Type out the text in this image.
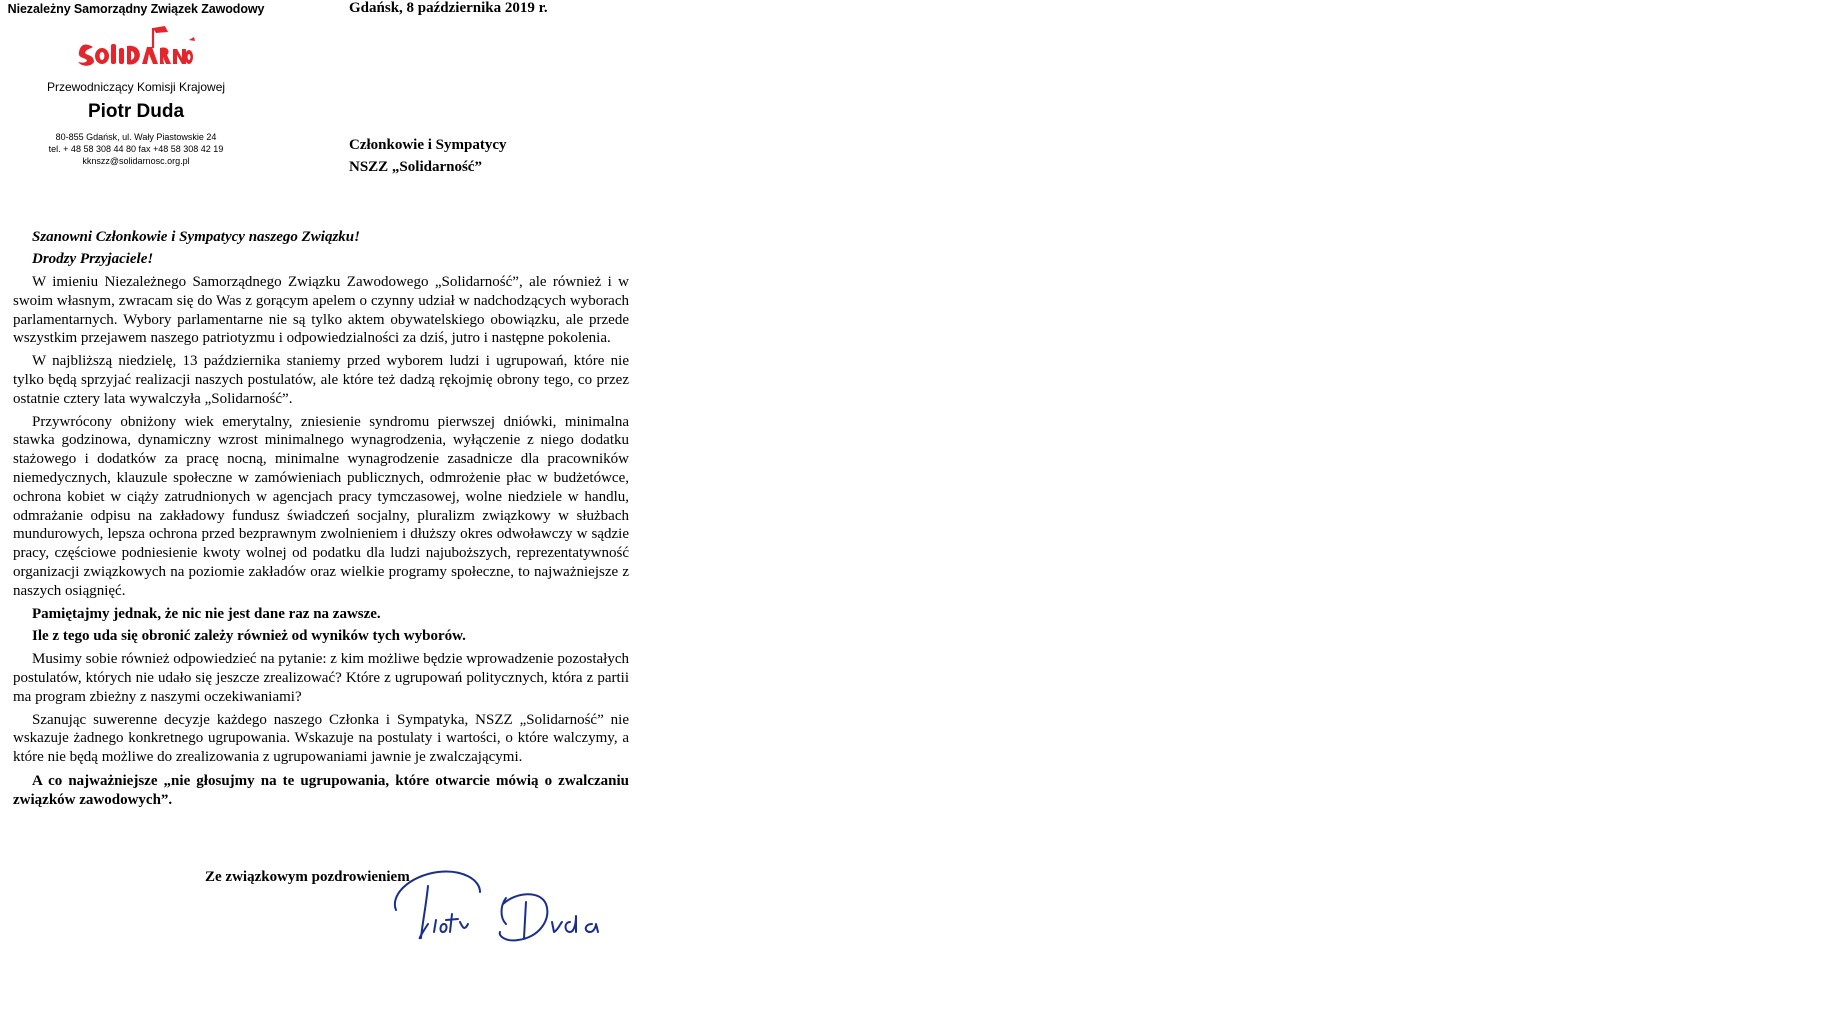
Niezależny Samorządny Związek Zawodowy
Przewodniczący Komisji Krajowej
Piotr Duda
80-855 Gdańsk, ul. Wały Piastowskie 24
tel. + 48 58 308 44 80 fax +48 58 308 42 19
kknszz@solidarnosc.org.pl
Gdańsk, 8 października 2019 r.
Członkowie i Sympatycy
NSZZ „Solidarność”
Szanowni Członkowie i Sympatycy naszego Związku!
Drodzy Przyjaciele!

W imieniu Niezależnego Samorządnego Związku Zawodowego „Solidarność”, ale również i w swoim własnym, zwracam się do Was z gorącym apelem o czynny udział w nadchodzących wyborach parlamentarnych. Wybory parlamentarne nie są tylko aktem obywatelskiego obowiązku, ale przede wszystkim przejawem naszego patriotyzmu i odpowiedzialności za dziś, jutro i następne pokolenia.

W najbliższą niedzielę, 13 października staniemy przed wyborem ludzi i ugrupowań, które nie tylko będą sprzyjać realizacji naszych postulatów, ale które też dadzą rękojmię obrony tego, co przez ostatnie cztery lata wywalczyła „Solidarność”.

Przywrócony obniżony wiek emerytalny, zniesienie syndromu pierwszej dniówki, minimalna stawka godzinowa, dynamiczny wzrost minimalnego wynagrodzenia, wyłączenie z niego dodatku stażowego i dodatków za pracę nocną, minimalne wynagrodzenie zasadnicze dla pracowników niemedycznych, klauzule społeczne w zamówieniach publicznych, odmrożenie płac w budżetówce, ochrona kobiet w ciąży zatrudnionych w agencjach pracy tymczasowej, wolne niedziele w handlu, odmrażanie odpisu na zakładowy fundusz świadczeń socjalny, pluralizm związkowy w służbach mundurowych, lepsza ochrona przed bezprawnym zwolnieniem i dłuższy okres odwoławczy w sądzie pracy, częściowe podniesienie kwoty wolnej od podatku dla ludzi najuboższych, reprezentatywność organizacji związkowych na poziomie zakładów oraz wielkie programy społeczne, to najważniejsze z naszych osiągnięć.

Pamiętajmy jednak, że nic nie jest dane raz na zawsze.

Ile z tego uda się obronić zależy również od wyników tych wyborów.

Musimy sobie również odpowiedzieć na pytanie: z kim możliwe będzie wprowadzenie pozostałych postulatów, których nie udało się jeszcze zrealizować? Które z ugrupowań politycznych, która z partii ma program zbieżny z naszymi oczekiwaniami?

Szanując suwerenne decyzje każdego naszego Członka i Sympatyka, NSZZ „Solidarność” nie wskazuje żadnego konkretnego ugrupowania. Wskazuje na postulaty i wartości, o które walczymy, a które nie będą możliwe do zrealizowania z ugrupowaniami jawnie je zwalczającymi.

A co najważniejsze „nie głosujmy na te ugrupowania, które otwarcie mówią o zwalczaniu związków zawodowych”.

Ze związkowym pozdrowieniem
